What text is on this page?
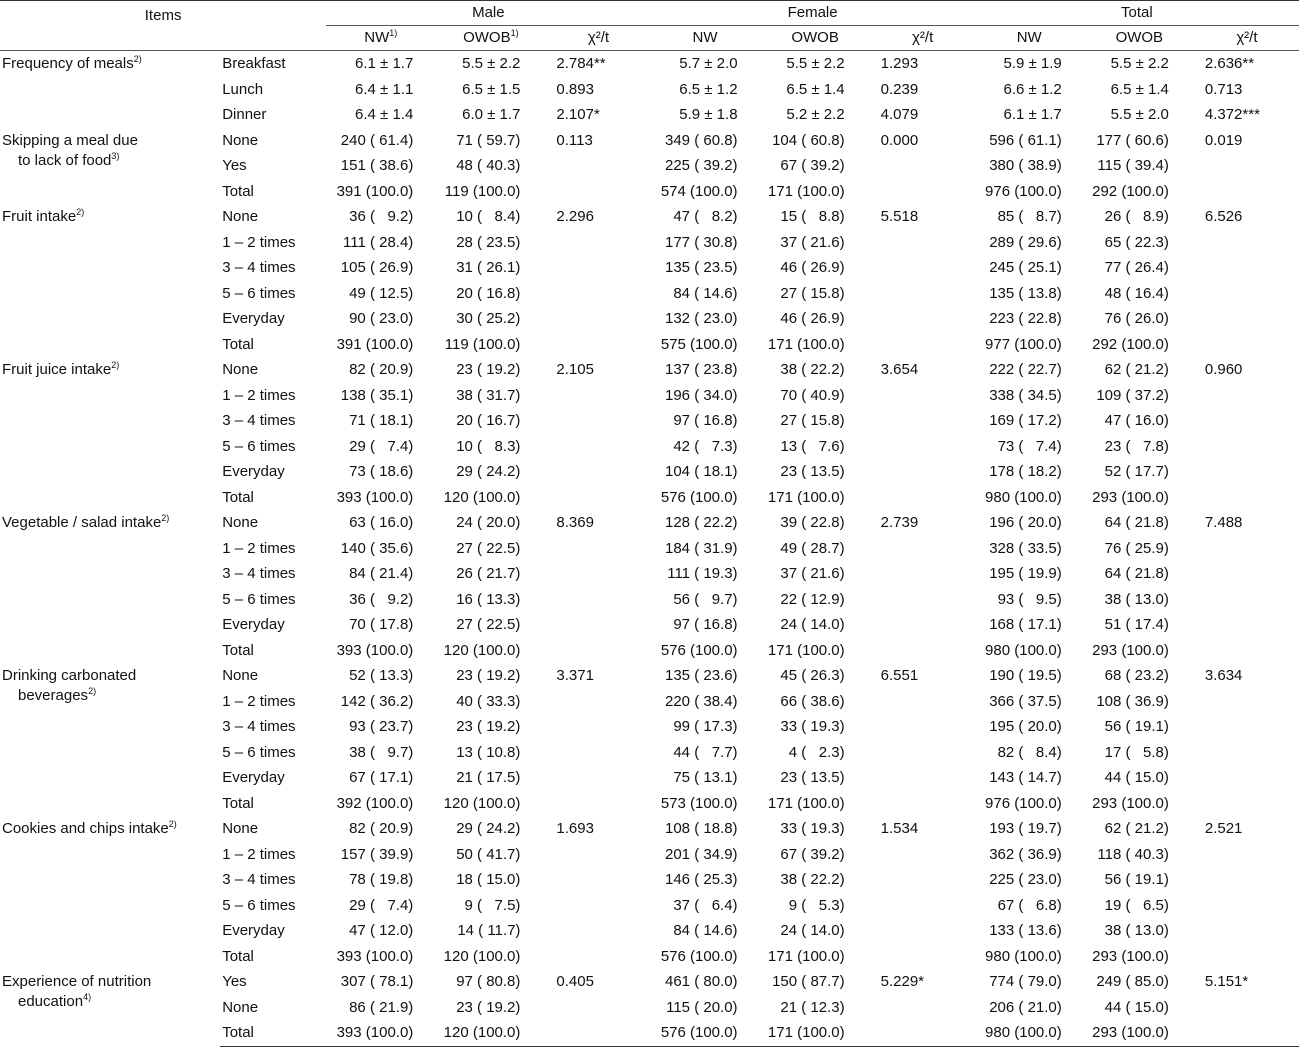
Items		Male			Female			Total		
		NW$^{1)}$	OWOB$^{1)}$	χ²/t	NW	OWOB	χ²/t	NW	OWOB	χ²/t
Frequency of meals$^{2)}$	Breakfast	6.1 ± 1.7	5.5 ± 2.2	2.784**	5.7 ± 2.0	5.5 ± 2.2	1.293	5.9 ± 1.9	5.5 ± 2.2	2.636**
	Lunch	6.4 ± 1.1	6.5 ± 1.5	0.893	6.5 ± 1.2	6.5 ± 1.4	0.239	6.6 ± 1.2	6.5 ± 1.4	0.713
	Dinner	6.4 ± 1.4	6.0 ± 1.7	2.107*	5.9 ± 1.8	5.2 ± 2.2	4.079	6.1 ± 1.7	5.5 ± 2.0	4.372***
Skipping a meal due
to lack of food$^{3)}$	None	240 ( 61.4)	71 ( 59.7)	0.113	349 ( 60.8)	104 ( 60.8)	0.000	596 ( 61.1)	177 ( 60.6)	0.019
	Yes	151 ( 38.6)	48 ( 40.3)		225 ( 39.2)	67 ( 39.2)		380 ( 38.9)	115 ( 39.4)	
	Total	391 (100.0)	119 (100.0)		574 (100.0)	171 (100.0)		976 (100.0)	292 (100.0)	
Fruit intake$^{2)}$	None	36 (   9.2)	10 (   8.4)	2.296	47 (   8.2)	15 (   8.8)	5.518	85 (   8.7)	26 (   8.9)	6.526
	1 – 2 times	111 ( 28.4)	28 ( 23.5)		177 ( 30.8)	37 ( 21.6)		289 ( 29.6)	65 ( 22.3)	
	3 – 4 times	105 ( 26.9)	31 ( 26.1)		135 ( 23.5)	46 ( 26.9)		245 ( 25.1)	77 ( 26.4)	
	5 – 6 times	49 ( 12.5)	20 ( 16.8)		84 ( 14.6)	27 ( 15.8)		135 ( 13.8)	48 ( 16.4)	
	Everyday	90 ( 23.0)	30 ( 25.2)		132 ( 23.0)	46 ( 26.9)		223 ( 22.8)	76 ( 26.0)	
	Total	391 (100.0)	119 (100.0)		575 (100.0)	171 (100.0)		977 (100.0)	292 (100.0)	
Fruit juice intake$^{2)}$	None	82 ( 20.9)	23 ( 19.2)	2.105	137 ( 23.8)	38 ( 22.2)	3.654	222 ( 22.7)	62 ( 21.2)	0.960
	1 – 2 times	138 ( 35.1)	38 ( 31.7)		196 ( 34.0)	70 ( 40.9)		338 ( 34.5)	109 ( 37.2)	
	3 – 4 times	71 ( 18.1)	20 ( 16.7)		97 ( 16.8)	27 ( 15.8)		169 ( 17.2)	47 ( 16.0)	
	5 – 6 times	29 (   7.4)	10 (   8.3)		42 (   7.3)	13 (   7.6)		73 (   7.4)	23 (   7.8)	
	Everyday	73 ( 18.6)	29 ( 24.2)		104 ( 18.1)	23 ( 13.5)		178 ( 18.2)	52 ( 17.7)	
	Total	393 (100.0)	120 (100.0)		576 (100.0)	171 (100.0)		980 (100.0)	293 (100.0)	
Vegetable / salad intake$^{2)}$	None	63 ( 16.0)	24 ( 20.0)	8.369	128 ( 22.2)	39 ( 22.8)	2.739	196 ( 20.0)	64 ( 21.8)	7.488
	1 – 2 times	140 ( 35.6)	27 ( 22.5)		184 ( 31.9)	49 ( 28.7)		328 ( 33.5)	76 ( 25.9)	
	3 – 4 times	84 ( 21.4)	26 ( 21.7)		111 ( 19.3)	37 ( 21.6)		195 ( 19.9)	64 ( 21.8)	
	5 – 6 times	36 (   9.2)	16 ( 13.3)		56 (   9.7)	22 ( 12.9)		93 (   9.5)	38 ( 13.0)	
	Everyday	70 ( 17.8)	27 ( 22.5)		97 ( 16.8)	24 ( 14.0)		168 ( 17.1)	51 ( 17.4)	
	Total	393 (100.0)	120 (100.0)		576 (100.0)	171 (100.0)		980 (100.0)	293 (100.0)	
Drinking carbonated
beverages$^{2)}$	None	52 ( 13.3)	23 ( 19.2)	3.371	135 ( 23.6)	45 ( 26.3)	6.551	190 ( 19.5)	68 ( 23.2)	3.634
	1 – 2 times	142 ( 36.2)	40 ( 33.3)		220 ( 38.4)	66 ( 38.6)		366 ( 37.5)	108 ( 36.9)	
	3 – 4 times	93 ( 23.7)	23 ( 19.2)		99 ( 17.3)	33 ( 19.3)		195 ( 20.0)	56 ( 19.1)	
	5 – 6 times	38 (   9.7)	13 ( 10.8)		44 (   7.7)	4 (   2.3)		82 (   8.4)	17 (   5.8)	
	Everyday	67 ( 17.1)	21 ( 17.5)		75 ( 13.1)	23 ( 13.5)		143 ( 14.7)	44 ( 15.0)	
	Total	392 (100.0)	120 (100.0)		573 (100.0)	171 (100.0)		976 (100.0)	293 (100.0)	
Cookies and chips intake$^{2)}$	None	82 ( 20.9)	29 ( 24.2)	1.693	108 ( 18.8)	33 ( 19.3)	1.534	193 ( 19.7)	62 ( 21.2)	2.521
	1 – 2 times	157 ( 39.9)	50 ( 41.7)		201 ( 34.9)	67 ( 39.2)		362 ( 36.9)	118 ( 40.3)	
	3 – 4 times	78 ( 19.8)	18 ( 15.0)		146 ( 25.3)	38 ( 22.2)		225 ( 23.0)	56 ( 19.1)	
	5 – 6 times	29 (   7.4)	9 (   7.5)		37 (   6.4)	9 (   5.3)		67 (   6.8)	19 (   6.5)	
	Everyday	47 ( 12.0)	14 ( 11.7)		84 ( 14.6)	24 ( 14.0)		133 ( 13.6)	38 ( 13.0)	
	Total	393 (100.0)	120 (100.0)		576 (100.0)	171 (100.0)		980 (100.0)	293 (100.0)	
Experience of nutrition
education$^{4)}$	Yes	307 ( 78.1)	97 ( 80.8)	0.405	461 ( 80.0)	150 ( 87.7)	5.229*	774 ( 79.0)	249 ( 85.0)	5.151*
	None	86 ( 21.9)	23 ( 19.2)		115 ( 20.0)	21 ( 12.3)		206 ( 21.0)	44 ( 15.0)	
	Total	393 (100.0)	120 (100.0)		576 (100.0)	171 (100.0)		980 (100.0)	293 (100.0)	
